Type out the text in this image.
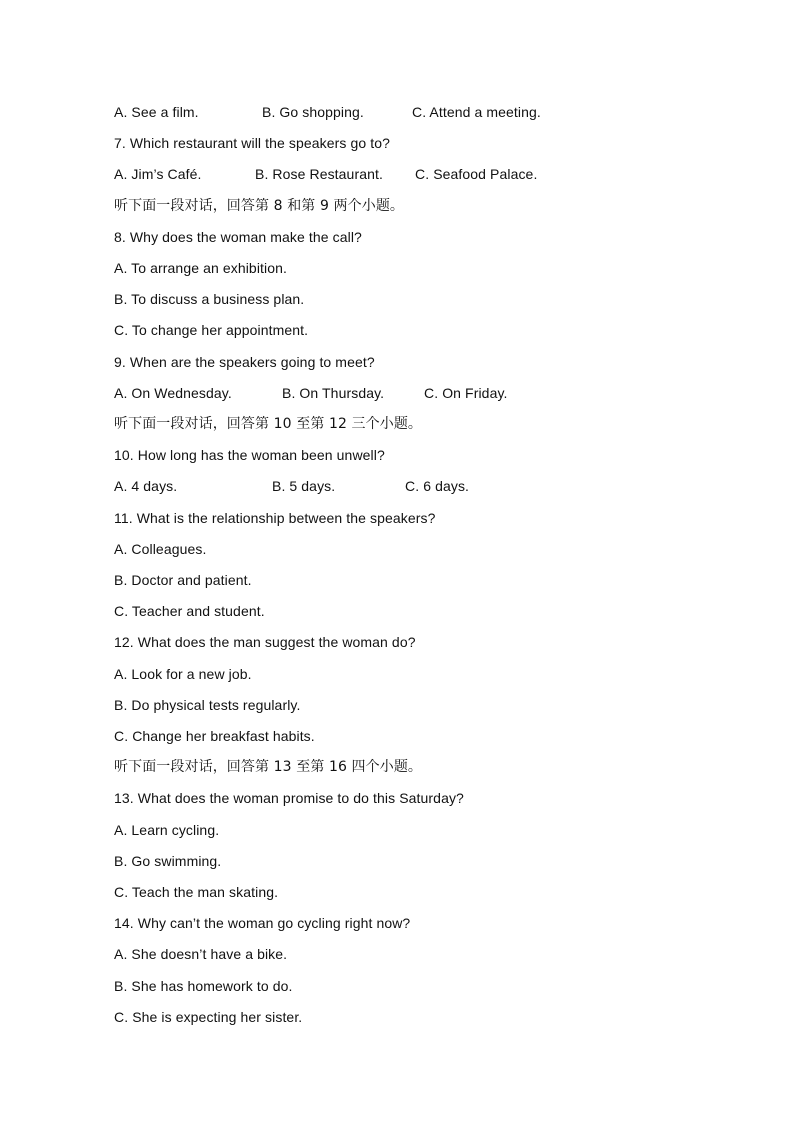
A. See a film.	B. Go shopping.	C. Attend a meeting.
7. Which restaurant will the speakers go to?
A. Jim’s Café.	B. Rose Restaurant. C. Seafood Palace.
听下面一段对话，回答第 8 和第 9 两个小题。
8. Why does the woman make the call?
A. To arrange an exhibition.
B. To discuss a business plan.
C. To change her appointment.
9. When are the speakers going to meet?
A. On Wednesday.	B. On Thursday.	C. On Friday.
听下面一段对话，回答第 10 至第 12 三个小题。
10. How long has the woman been unwell?
A. 4 days.	B. 5 days.	C. 6 days.
11. What is the relationship between the speakers?
A. Colleagues.
B. Doctor and patient.
C. Teacher and student.
12. What does the man suggest the woman do?
A. Look for a new job.
B. Do physical tests regularly.
C. Change her breakfast habits.
听下面一段对话，回答第 13 至第 16 四个小题。
13. What does the woman promise to do this Saturday?
A. Learn cycling.
B. Go swimming.
C. Teach the man skating.
14. Why can’t the woman go cycling right now?
A. She doesn’t have a bike.
B. She has homework to do.
C. She is expecting her sister.
